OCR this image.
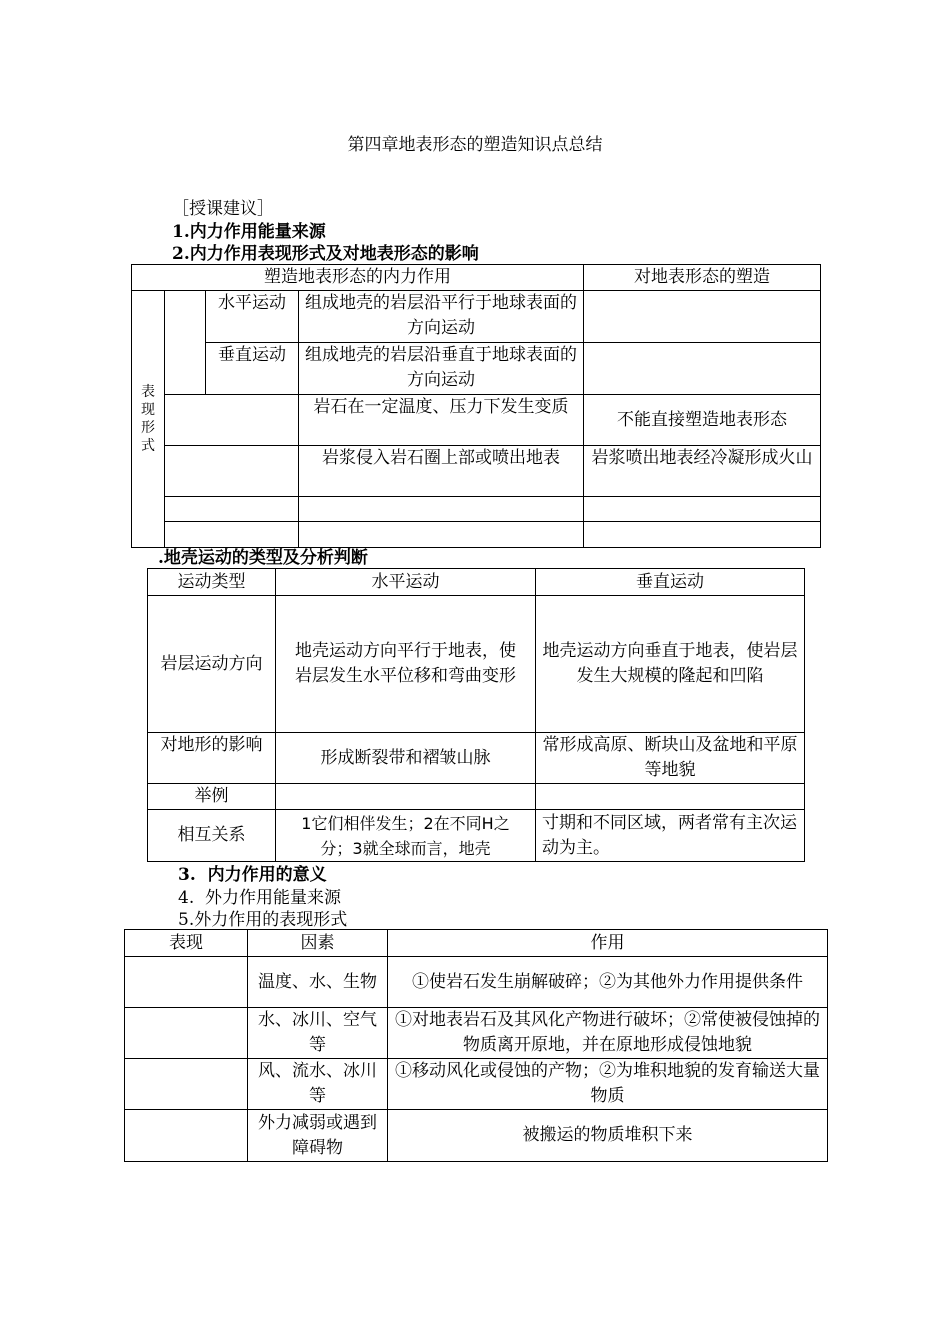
第四章地表形态的塑造知识点总结
［授课建议］
1.内力作用能量来源
2.内力作用表现形式及对地表形态的影响
塑造地表形态的内力作用				对地表形态的塑造

表现形式		水平运动	组成地壳的岩层沿平行于地球表面的方向运动	
		垂直运动	组成地壳的岩层沿垂直于地球表面的方向运动	
			岩石在一定温度、压力下发生变质	不能直接塑造地表形态
			岩浆侵入岩石圈上部或喷出地表	岩浆喷出地表经冷凝形成火山

.地壳运动的类型及分析判断
运动类型	水平运动	垂直运动
岩层运动方向	地壳运动方向平行于地表，使岩层发生水平位移和弯曲变形	地壳运动方向垂直于地表，使岩层发生大规模的隆起和凹陷
对地形的影响	形成断裂带和褶皱山脉	常形成高原、断块山及盆地和平原等地貌
举例		
相互关系	1它们相伴发生；2在不同H之分；3就全球而言，地壳	寸期和不同区域，两者常有主次运动为主。
3.  内力作用的意义
4.  外力作用能量来源
5.外力作用的表现形式
表现	因素	作用
	温度、水、生物	①使岩石发生崩解破碎；②为其他外力作用提供条件
	水、冰川、空气等	①对地表岩石及其风化产物进行破坏；②常使被侵蚀掉的物质离开原地，并在原地形成侵蚀地貌
	风、流水、冰川等	①移动风化或侵蚀的产物；②为堆积地貌的发育输送大量物质
	外力减弱或遇到障碍物	被搬运的物质堆积下来
